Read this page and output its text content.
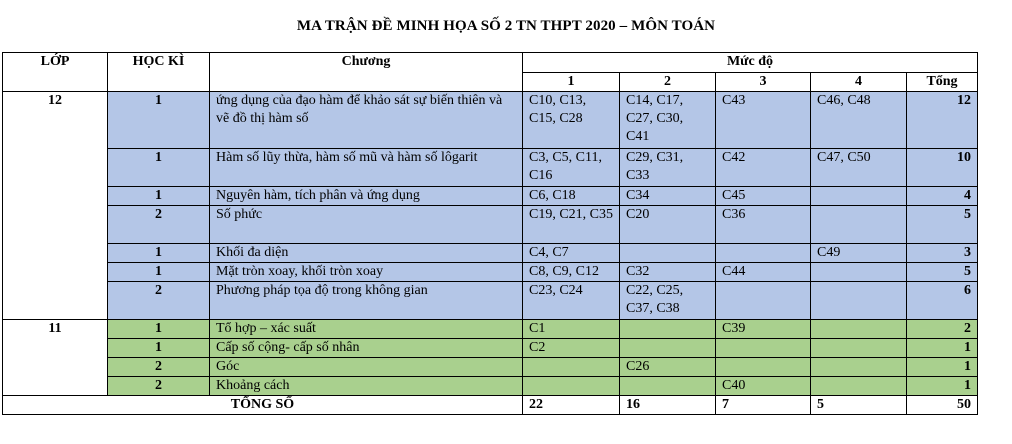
MA TRẬN ĐỀ MINH HỌA SỐ 2 TN THPT 2020 – MÔN TOÁN
LỚP	HỌC KÌ	Chương	Mức độ				
			1	2	3	4	Tổng
12	1	ứng dụng của đạo hàm để khảo sát sự biến thiên và vẽ đồ thị hàm số	C10, C13, C15, C28	C14, C17, C27, C30, C41	C43	C46, C48	12
	1	Hàm số lũy thừa, hàm số mũ và hàm số lôgarit	C3, C5, C11, C16	C29, C31, C33	C42	C47, C50	10
	1	Nguyên hàm, tích phân và ứng dụng	C6, C18	C34	C45		4
	2	Số phức	C19, C21, C35	C20	C36		5
	1	Khối đa diện	C4, C7			C49	3
	1	Mặt tròn xoay, khối tròn xoay	C8, C9, C12	C32	C44		5
	2	Phương pháp tọa độ trong không gian	C23, C24	C22, C25, C37, C38			6
11	1	Tổ hợp – xác suất	C1		C39		2
	1	Cấp số cộng- cấp số nhân	C2				1
	2	Góc		C26			1
	2	Khoảng cách			C40		1
TỔNG SỐ			22	16	7	5	50
